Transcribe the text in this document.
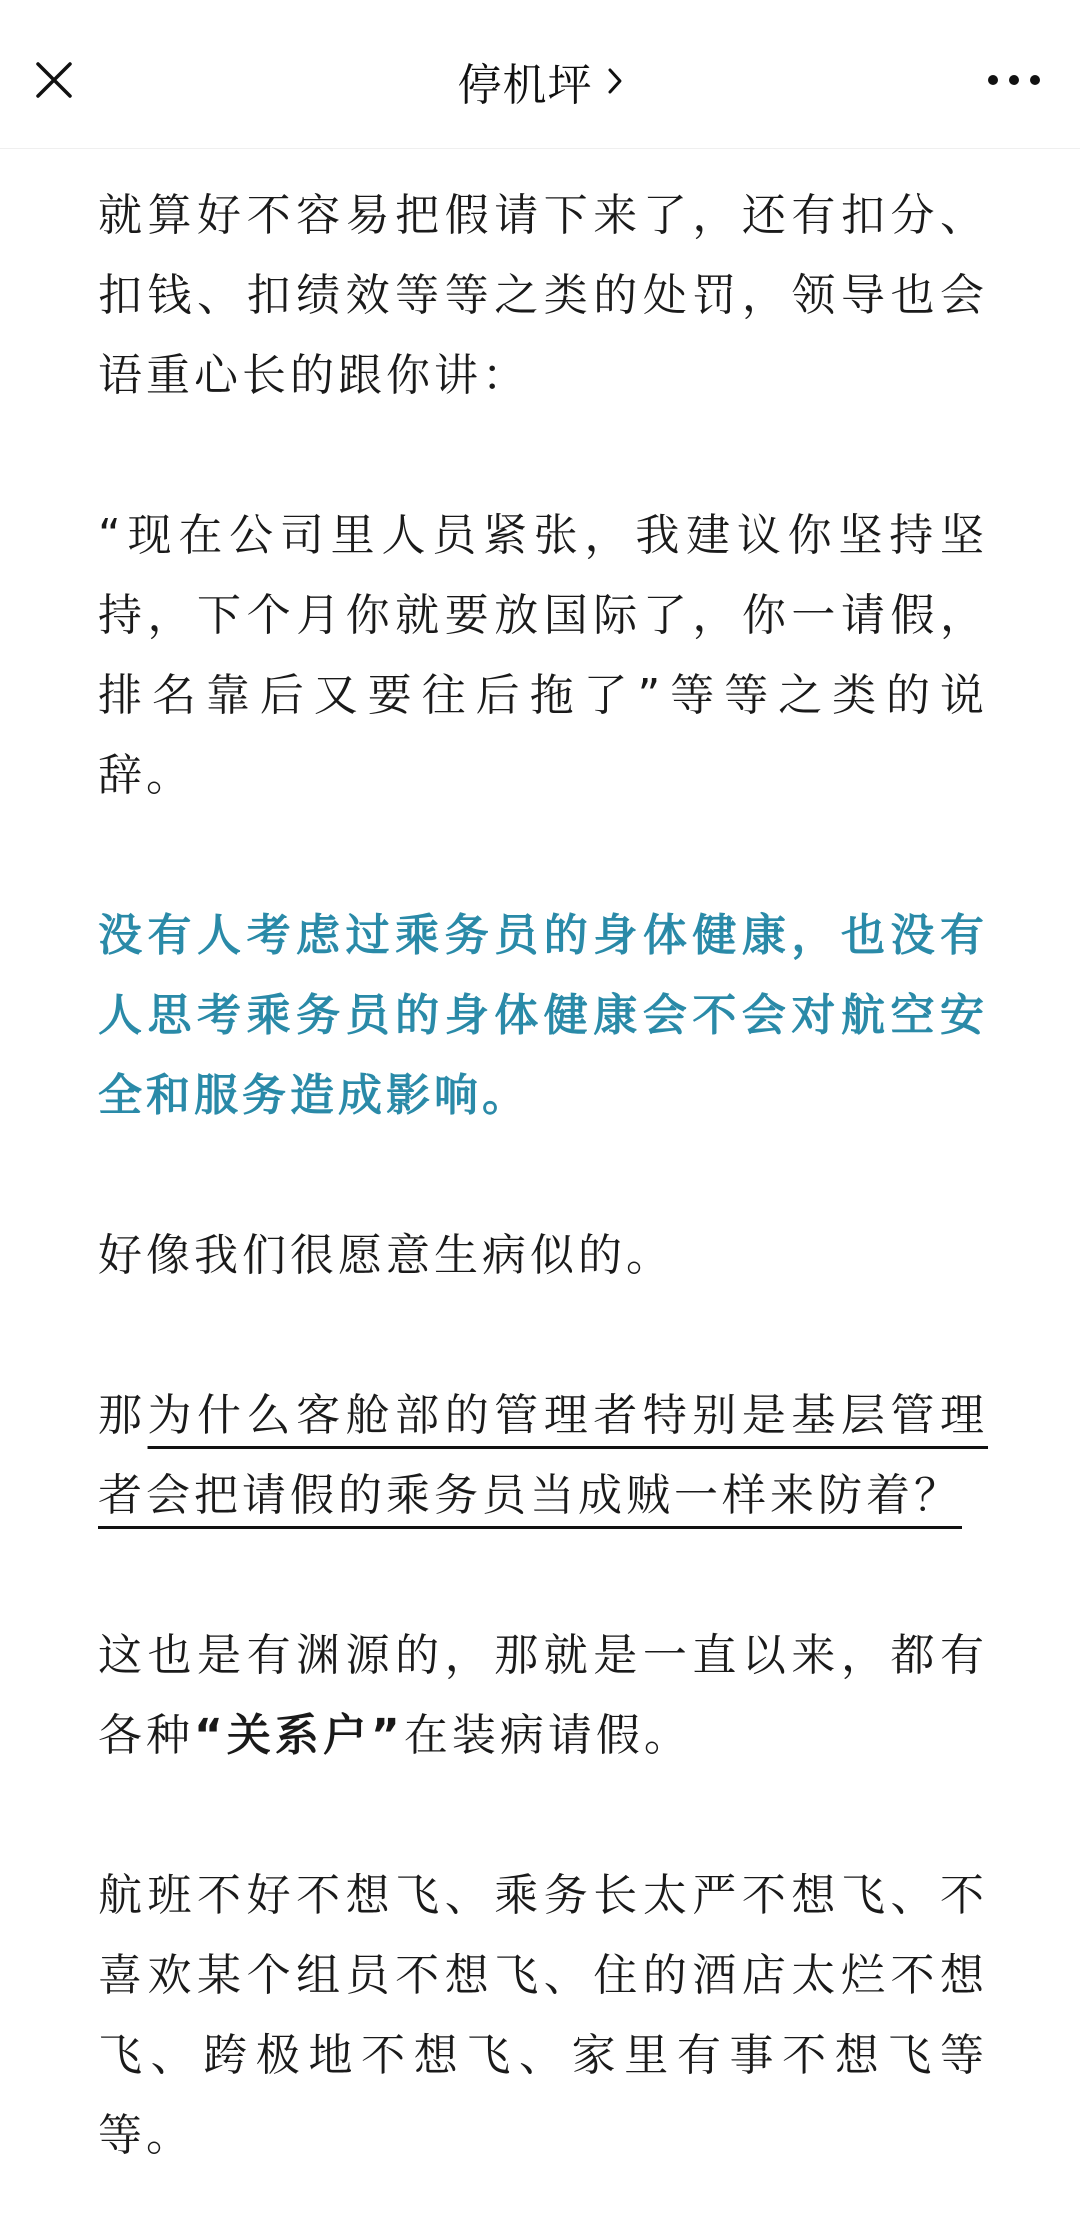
停机坪

就算好不容易把假请下来了，还有扣分、扣钱、扣绩效等等之类的处罚，领导也会语重心长的跟你讲：

“现在公司里人员紧张，我建议你坚持坚持，下个月你就要放国际了，你一请假，排名靠后又要往后拖了”等等之类的说辞。

没有人考虑过乘务员的身体健康，也没有人思考乘务员的身体健康会不会对航空安全和服务造成影响。

好像我们很愿意生病似的。

那为什么客舱部的管理者特别是基层管理者会把请假的乘务员当成贼一样来防着？

这也是有渊源的，那就是一直以来，都有各种“关系户”在装病请假。

航班不好不想飞、乘务长太严不想飞、不喜欢某个组员不想飞、住的酒店太烂不想飞、跨极地不想飞、家里有事不想飞等等。
